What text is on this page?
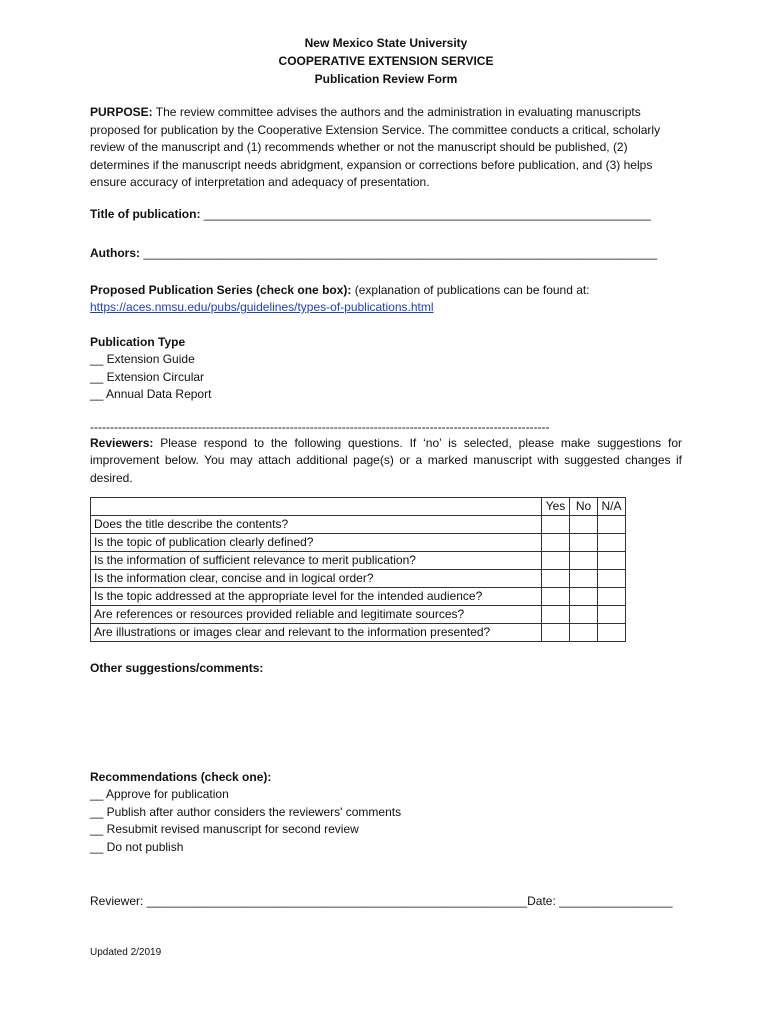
New Mexico State University
COOPERATIVE EXTENSION SERVICE
Publication Review Form

PURPOSE: The review committee advises the authors and the administration in evaluating manuscripts proposed for publication by the Cooperative Extension Service. The committee conducts a critical, scholarly review of the manuscript and (1) recommends whether or not the manuscript should be published, (2) determines if the manuscript needs abridgment, expansion or corrections before publication, and (3) helps ensure accuracy of interpretation and adequacy of presentation.

Title of publication: ___________________________________________________________________
Authors: _____________________________________________________________________________

Proposed Publication Series (check one box): (explanation of publications can be found at:
https://aces.nmsu.edu/pubs/guidelines/types-of-publications.html

Publication Type
__ Extension Guide
__ Extension Circular
__ Annual Data Report
-------------------------------------------------------------------------------------------------------------------

Reviewers: Please respond to the following questions. If ‘no’ is selected, please make suggestions for improvement below. You may attach additional page(s) or a marked manuscript with suggested changes if desired.

	Yes	No	N/A
Does the title describe the contents?			
Is the topic of publication clearly defined?			
Is the information of sufficient relevance to merit publication?			
Is the information clear, concise and in logical order?			
Is the topic addressed at the appropriate level for the intended audience?			
Are references or resources provided reliable and legitimate sources?			
Are illustrations or images clear and relevant to the information presented?			
Other suggestions/comments:
Recommendations (check one):
__ Approve for publication
__ Publish after author considers the reviewers' comments
__ Resubmit revised manuscript for second review
__ Do not publish
Reviewer: _________________________________________________________Date: _________________
Updated 2/2019
